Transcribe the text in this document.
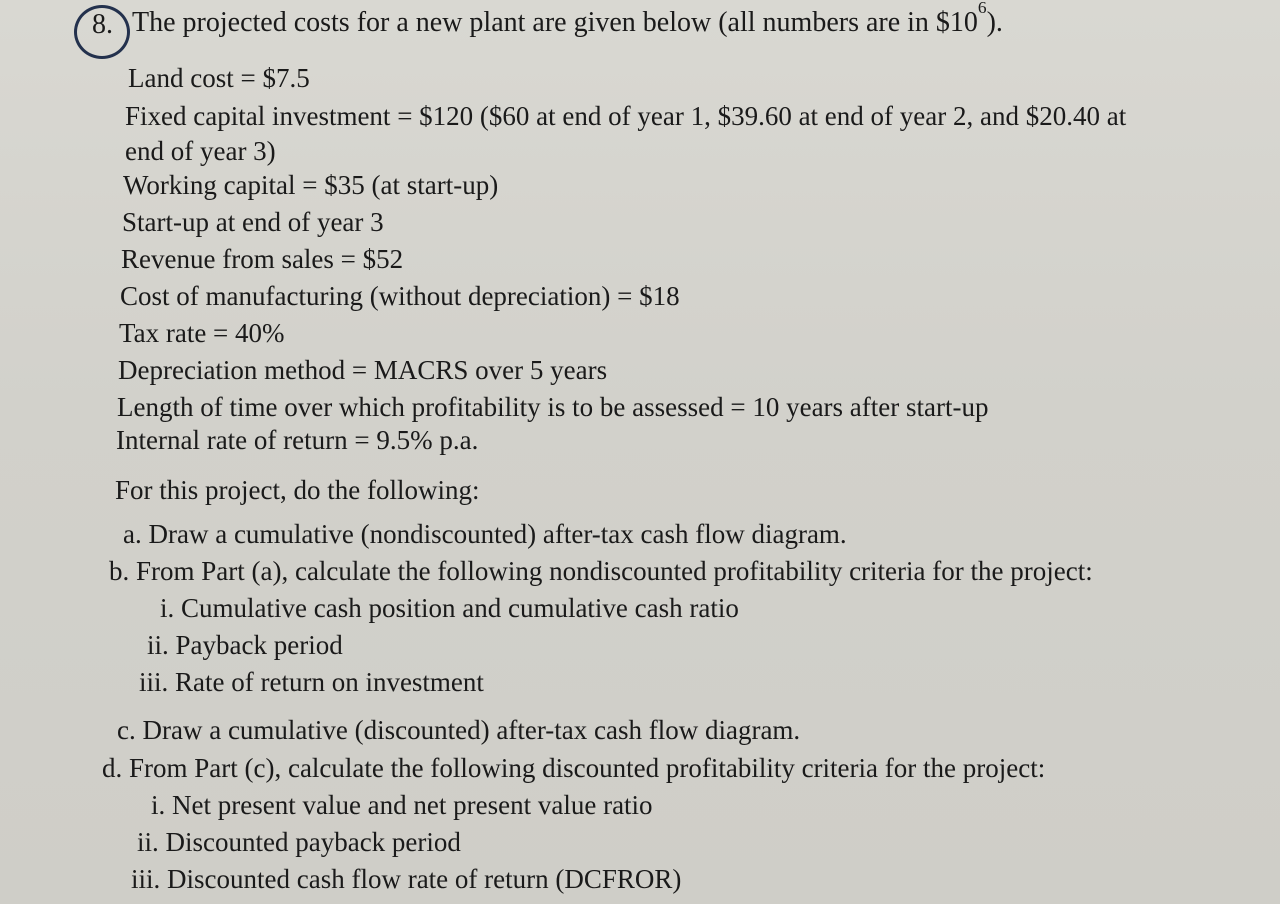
8. The projected costs for a new plant are given below (all numbers are in $\$10^6$).
Land cost = $7.5
Fixed capital investment = $120 ($60 at end of year 1, $39.60 at end of year 2, and $20.40 at
end of year 3)
Working capital = $35 (at start-up)
Start-up at end of year 3
Revenue from sales = $52
Cost of manufacturing (without depreciation) = $18
Tax rate = 40%
Depreciation method = MACRS over 5 years
Length of time over which profitability is to be assessed = 10 years after start-up
Internal rate of return = 9.5% p.a.
For this project, do the following:
a. Draw a cumulative (nondiscounted) after-tax cash flow diagram.
b. From Part (a), calculate the following nondiscounted profitability criteria for the project:
i. Cumulative cash position and cumulative cash ratio
ii. Payback period
iii. Rate of return on investment
c. Draw a cumulative (discounted) after-tax cash flow diagram.
d. From Part (c), calculate the following discounted profitability criteria for the project:
i. Net present value and net present value ratio
ii. Discounted payback period
iii. Discounted cash flow rate of return (DCFROR)
